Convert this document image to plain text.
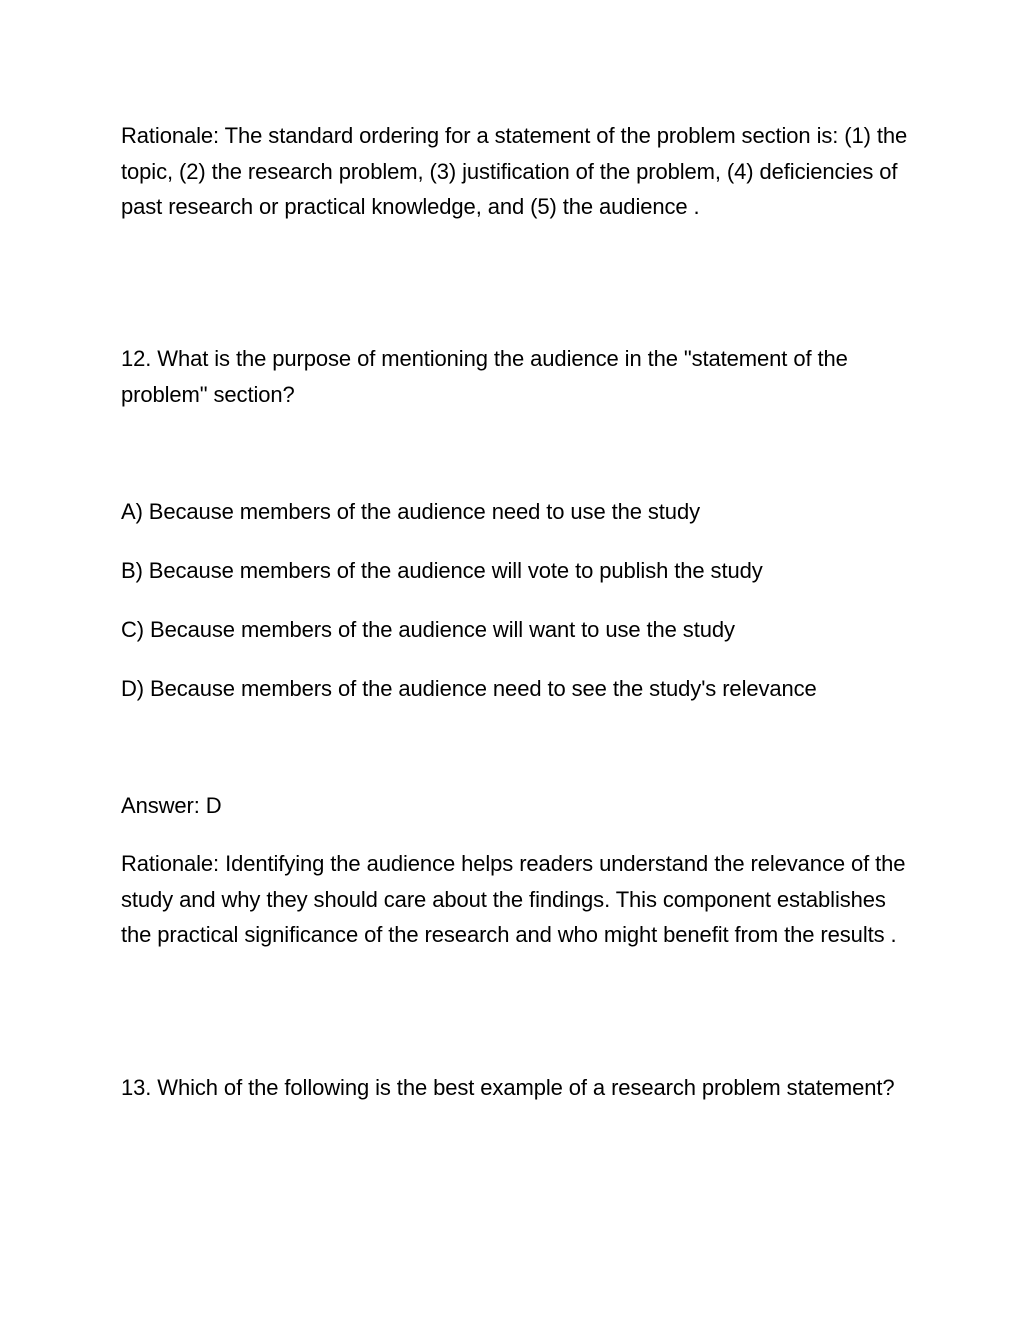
Rationale: The standard ordering for a statement of the problem section is: (1) the topic, (2) the research problem, (3) justification of the problem, (4) deficiencies of past research or practical knowledge, and (5) the audience .

12. What is the purpose of mentioning the audience in the "statement of the problem" section?

A) Because members of the audience need to use the study

B) Because members of the audience will vote to publish the study

C) Because members of the audience will want to use the study

D) Because members of the audience need to see the study's relevance

Answer: D

Rationale: Identifying the audience helps readers understand the relevance of the study and why they should care about the findings. This component establishes the practical significance of the research and who might benefit from the results .

13. Which of the following is the best example of a research problem statement?
